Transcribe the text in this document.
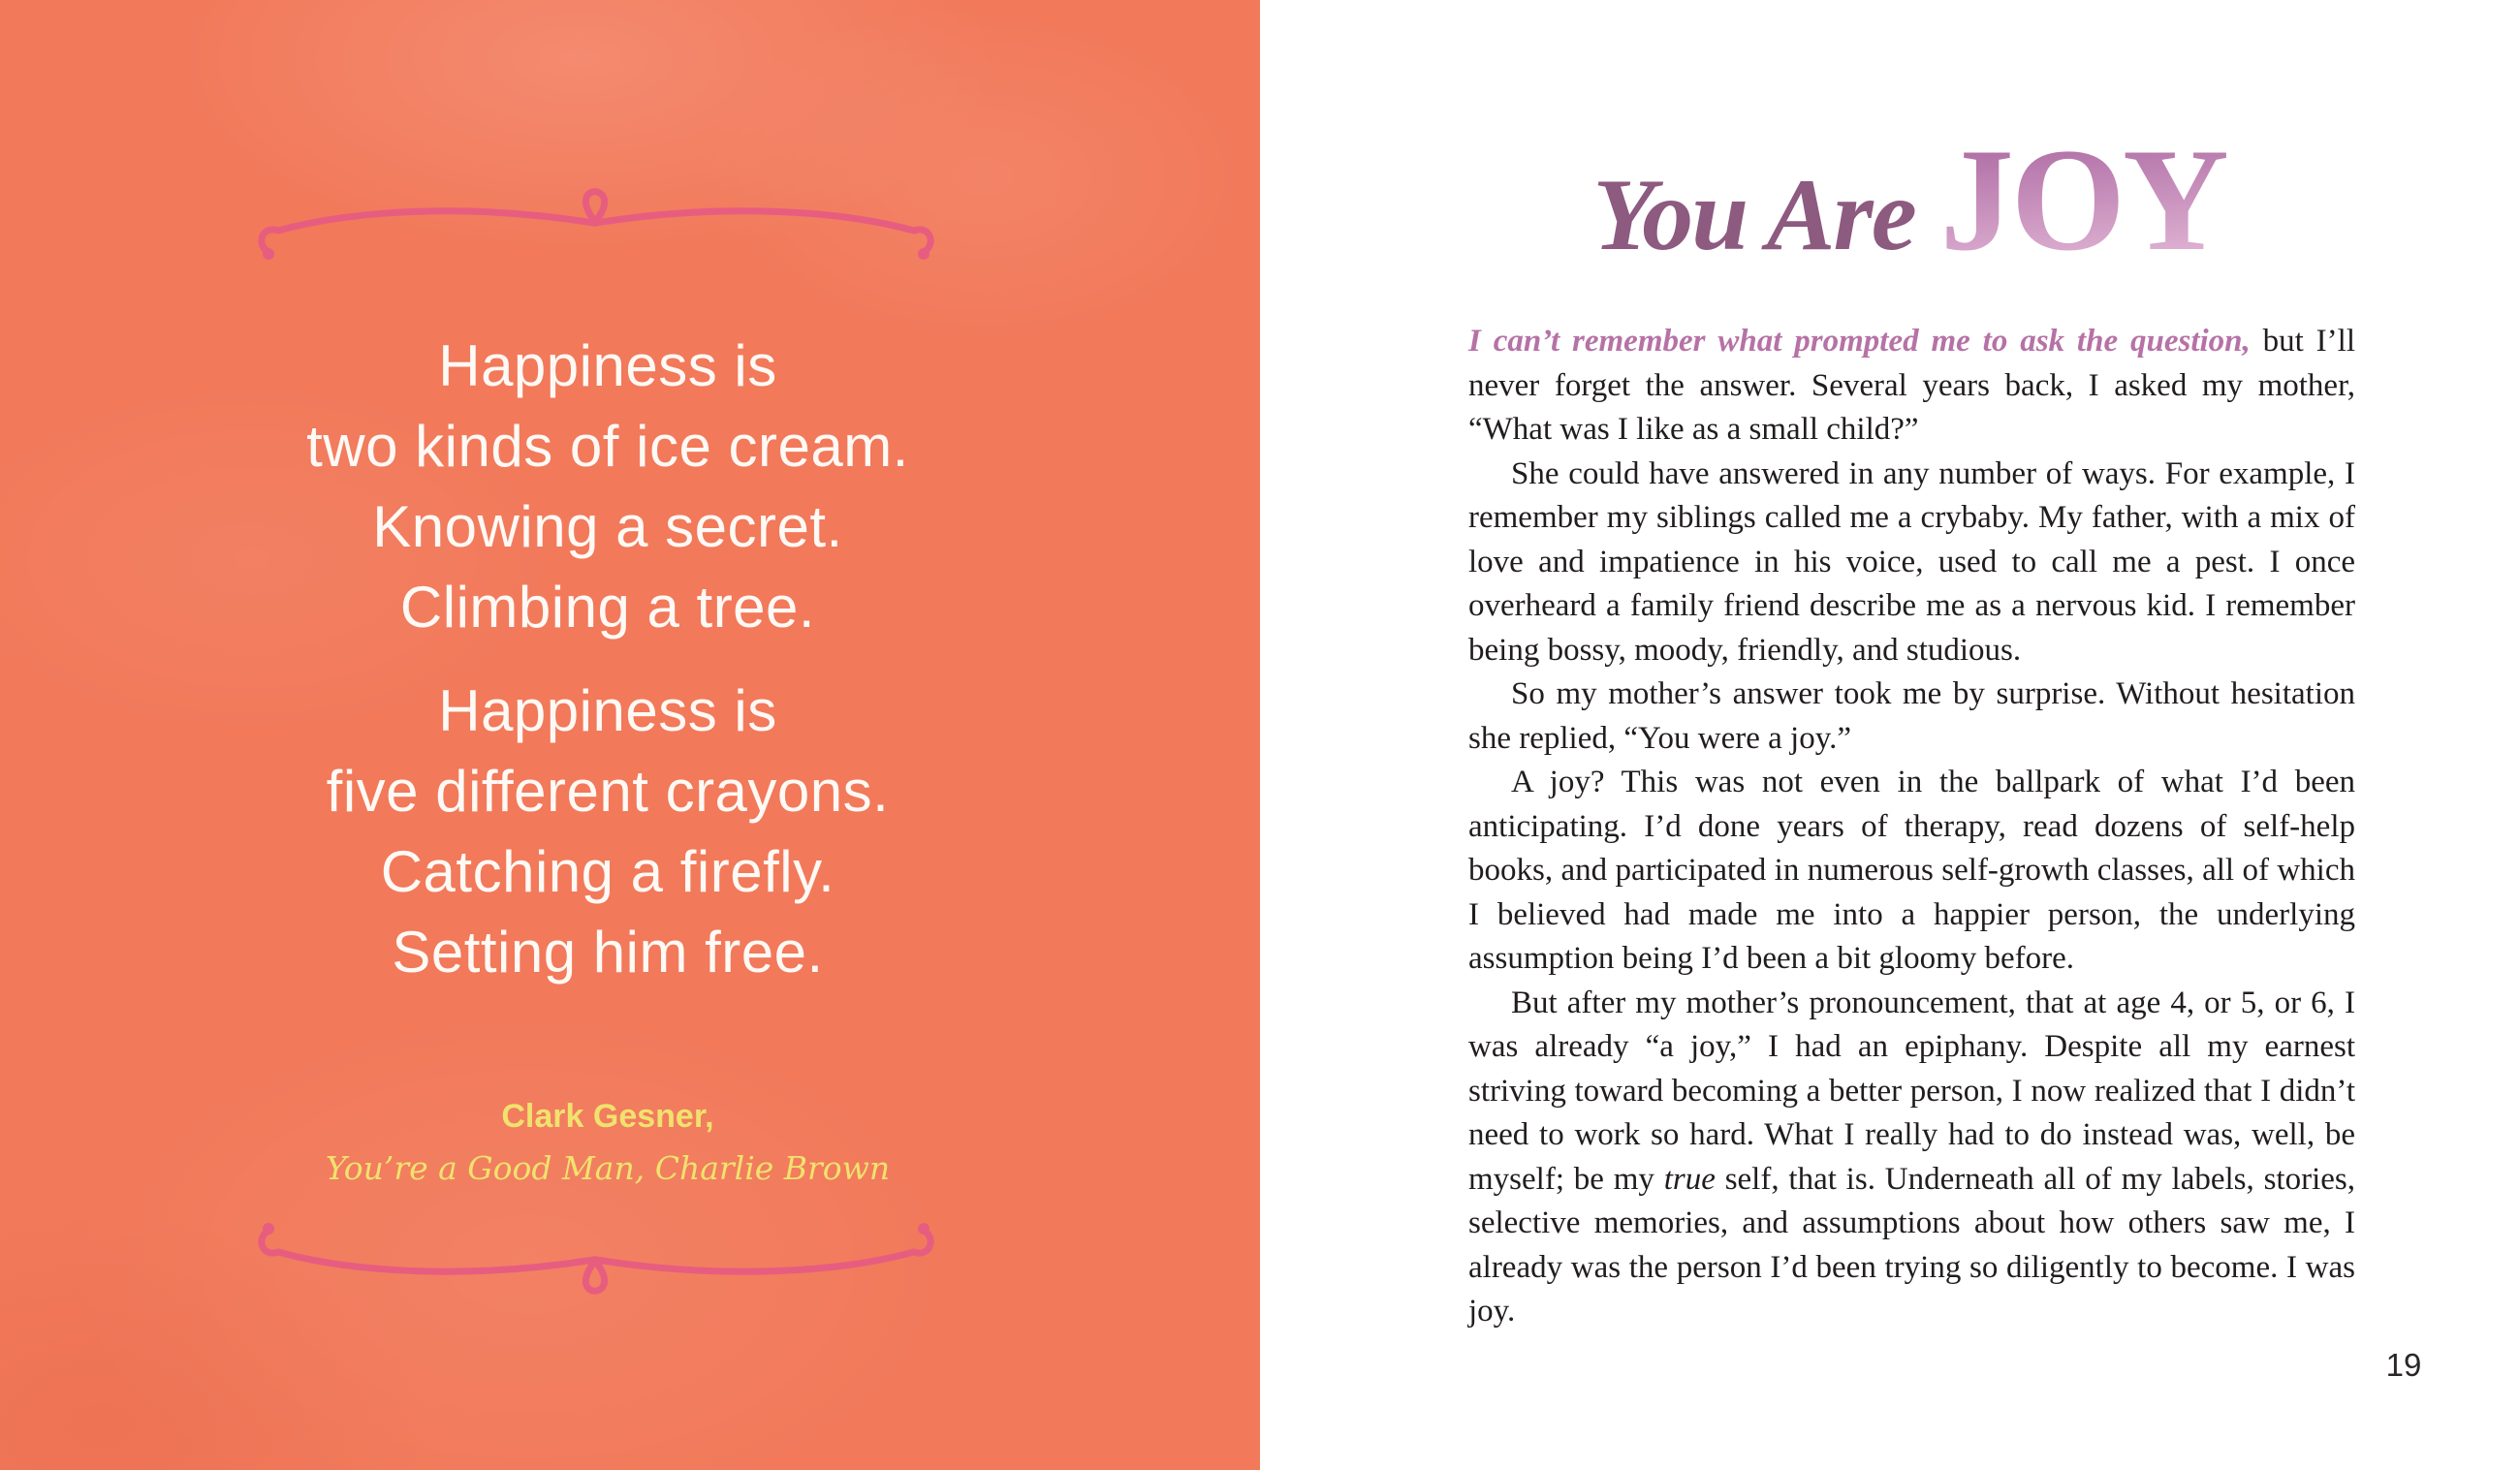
Happiness is
two kinds of ice cream.
Knowing a secret.
Climbing a tree.
Happiness is
five different crayons.
Catching a firefly.
Setting him free.
Clark Gesner,
You’re a Good Man, Charlie Brown
You Are JOY

I can’t remember what prompted me to ask the question, but I’ll never forget the answer. Several years back, I asked my mother, “What was I like as a small child?”

She could have answered in any number of ways. For example, I remember my siblings called me a crybaby. My father, with a mix of love and impatience in his voice, used to call me a pest. I once overheard a family friend describe me as a nervous kid. I remember being bossy, moody, friendly, and studious.

So my mother’s answer took me by surprise. Without hesitation she replied, “You were a joy.”

A joy? This was not even in the ballpark of what I’d been anticipating. I’d done years of therapy, read dozens of self-help books, and participated in numerous self-growth classes, all of which I believed had made me into a happier person, the underlying assumption being I’d been a bit gloomy before.

But after my mother’s pronouncement, that at age 4, or 5, or 6, I was already “a joy,” I had an epiphany. Despite all my earnest striving toward becoming a better person, I now realized that I didn’t need to work so hard. What I really had to do instead was, well, be myself; be my true self, that is. Underneath all of my labels, stories, selective memories, and assumptions about how others saw me, I already was the person I’d been trying so diligently to become. I was joy.

19
